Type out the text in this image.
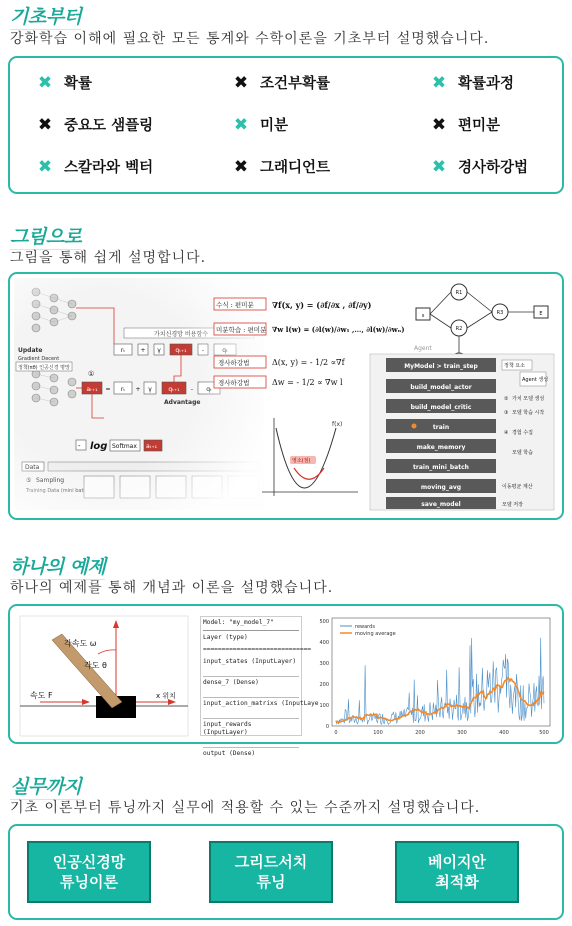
기초부터
강화학습 이해에 필요한 모든 통계와 수학이론을 기초부터 설명했습니다.
✖ 확률	✖ 조건부확률	✖ 확률과정
✖ 중요도 샘플링	✖ 미분	✖ 편미분
✖ 스칼라와 벡터	✖ 그래디언트	✖ 경사하강법
그림으로
그림을 통해 쉽게 설명합니다.
수식 : 편미분
미분학습 : 편미분
경사하강법
경사하강법
∇f(x, y) = (∂f/∂x , ∂f/∂y)
∇w l(w) = (∂l(w)/∂w₁ ,…, ∂l(w)/∂wₙ)
Δ(x, y) = - 1/2 ∝∇f
Δw = - 1/2 ∝ ∇w l
영소(점)
f(x)
s
R1
R2
R3	E
Agent
MyModel > train_step
build_model_actor
build_model_critic
train
make_memory
train_mini_batch
moving_avg
save_model
정책 요소
Agent 생성
② 가치 모델 생성
③ 모델 학습 시작
④ 경험 수집
모델 학습
이동평균 계산
모델 저장
하나의 예제
하나의 예제를 통해 개념과 이론을 설명했습니다.
각속도 ω
각도 θ
속도 F	x 위치
Model: "my_model_7"
Layer (type)
=============================
input_states (InputLayer)
dense_7 (Dense)
input_action_matrixs (InputLaye
input_rewards (InputLayer)
output (Dense)
0
100
200
300
400
500
0	100	200	300	400	500
rewards
moving average
실무까지
기초 이론부터 튜닝까지 실무에 적용할 수 있는 수준까지 설명했습니다.
인공신경망
튜닝이론
그리드서치
튜닝
베이지안
최적화
